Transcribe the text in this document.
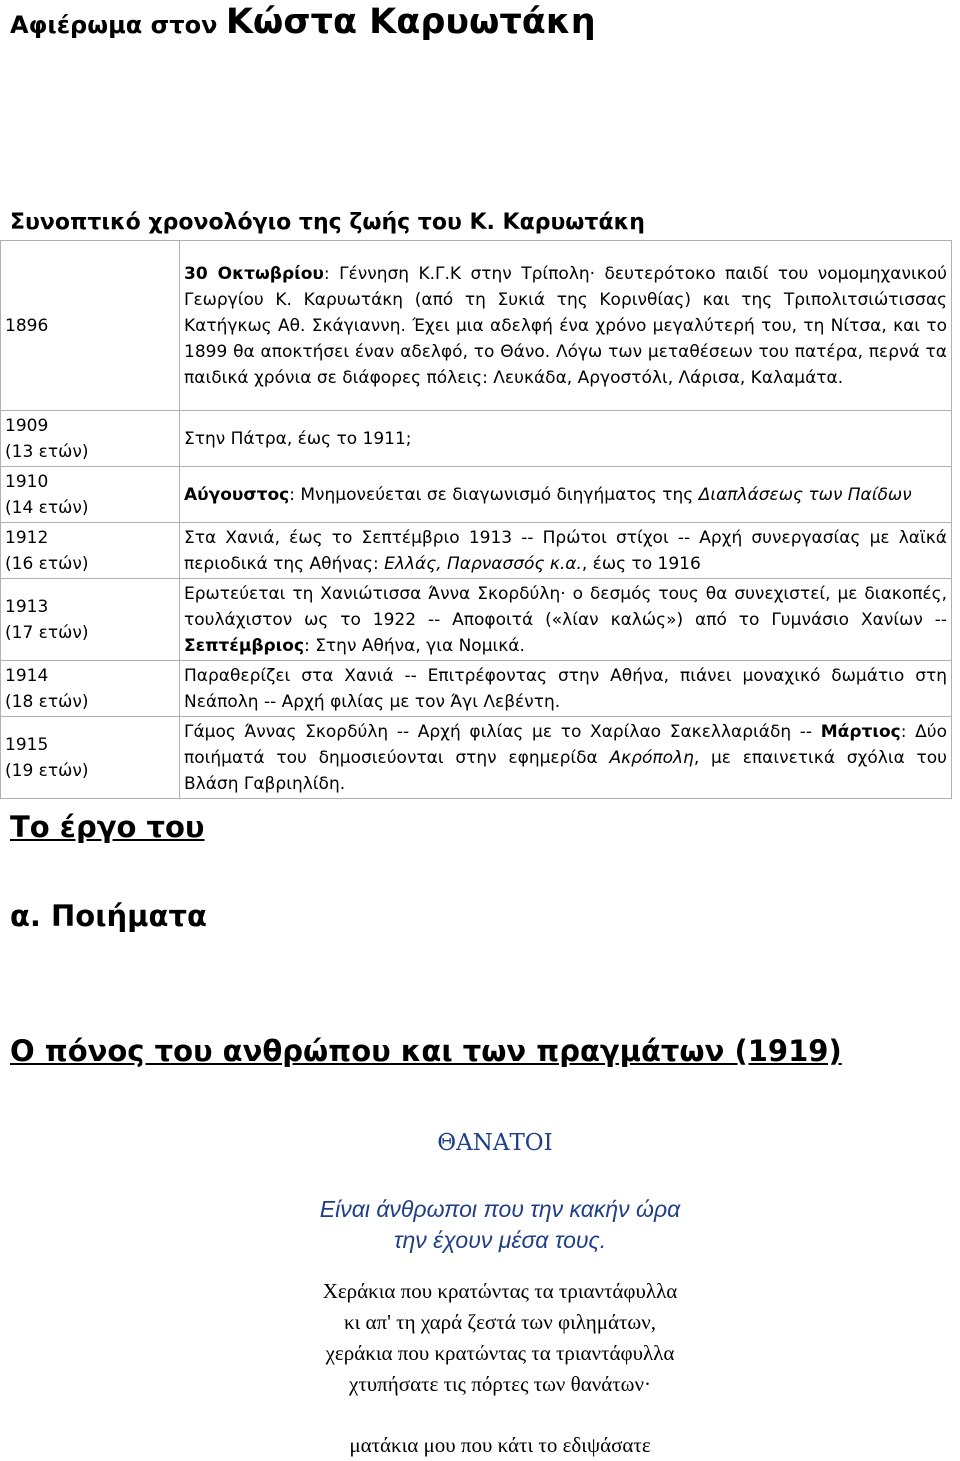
Αφιέρωμα στον Κώστα Καρυωτάκη
Συνοπτικό χρονολόγιο της ζωής του Κ. Καρυωτάκη
1896	30 Οκτωβρίου: Γέννηση Κ.Γ.Κ στην Τρίπολη· δευτερότοκο παιδί του νομομηχανικού Γεωργίου Κ. Καρυωτάκη (από τη Συκιά της Κορινθίας) και της Τριπολιτσιώτισσας Κατήγκως Αθ. Σκάγιαννη. Έχει μια αδελφή ένα χρόνο μεγαλύτερή του, τη Νίτσα, και το 1899 θα αποκτήσει έναν αδελφό, το Θάνο. Λόγω των μεταθέσεων του πατέρα, περνά τα παιδικά χρόνια σε διάφορες πόλεις: Λευκάδα, Αργοστόλι, Λάρισα, Καλαμάτα.
1909
(13 ετών)	Στην Πάτρα, έως το 1911;
1910
(14 ετών)	Αύγουστος: Μνημονεύεται σε διαγωνισμό διηγήματος της Διαπλάσεως των Παίδων
1912
(16 ετών)	Στα Χανιά, έως το Σεπτέμβριο 1913 -- Πρώτοι στίχοι -- Αρχή συνεργασίας με λαϊκά περιοδικά της Αθήνας: Ελλάς, Παρνασσός κ.α., έως το 1916
1913
(17 ετών)	Ερωτεύεται τη Χανιώτισσα Άννα Σκορδύλη· ο δεσμός τους θα συνεχιστεί, με διακοπές, τουλάχιστον ως το 1922 -- Αποφοιτά («λίαν καλώς») από το Γυμνάσιο Χανίων -- Σεπτέμβριος: Στην Αθήνα, για Νομικά.
1914
(18 ετών)	Παραθερίζει στα Χανιά -- Επιτρέφοντας στην Αθήνα, πιάνει μοναχικό δωμάτιο στη Νεάπολη -- Αρχή φιλίας με τον Άγι Λεβέντη.
1915
(19 ετών)	Γάμος Άννας Σκορδύλη -- Αρχή φιλίας με το Χαρίλαο Σακελλαριάδη -- Μάρτιος: Δύο ποιήματά του δημοσιεύονται στην εφημερίδα Ακρόπολη, με επαινετικά σχόλια του Βλάση Γαβριηλίδη.
Το έργο του
α. Ποιήματα
Ο πόνος του ανθρώπου και των πραγμάτων (1919)
ΘΑΝΑΤΟΙ
Είναι άνθρωποι που την κακήν ώρα
την έχουν μέσα τους.
Χεράκια που κρατώντας τα τριαντάφυλλα
κι απ' τη χαρά ζεστά των φιλημάτων,
χεράκια που κρατώντας τα τριαντάφυλλα
χτυπήσατε τις πόρτες των θανάτων·
ματάκια μου που κάτι το εδιψάσατε
